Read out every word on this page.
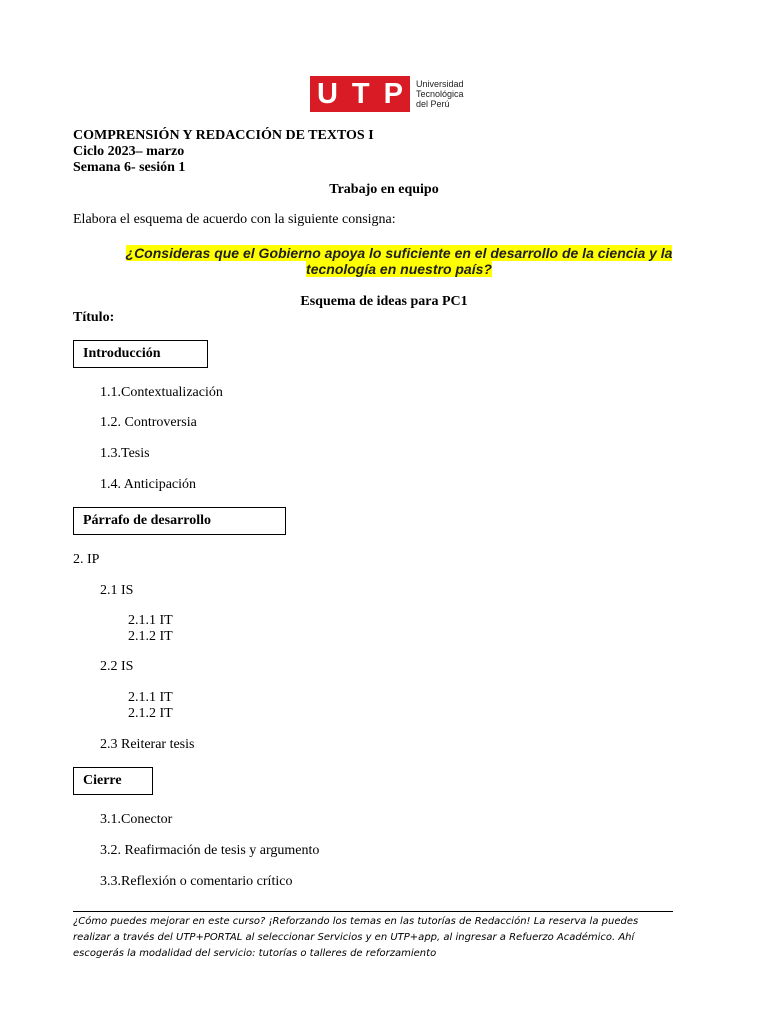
U T P Universidad
Tecnológica
del Perú
COMPRENSIÓN Y REDACCIÓN DE TEXTOS I
Ciclo 2023– marzo
Semana 6- sesión 1
Trabajo en equipo
Elabora el esquema de acuerdo con la siguiente consigna:
¿Consideras que el Gobierno apoya lo suficiente en el desarrollo de la ciencia y la
tecnología en nuestro país?
Esquema de ideas para PC1
Título:
Introducción
1.1.Contextualización
1.2. Controversia
1.3.Tesis
1.4. Anticipación
Párrafo de desarrollo
2. IP
2.1 IS
2.1.1 IT
2.1.2 IT
2.2 IS
2.1.1 IT
2.1.2 IT
2.3 Reiterar tesis
Cierre
3.1.Conector
3.2. Reafirmación de tesis y argumento
3.3.Reflexión o comentario crítico
¿Cómo puedes mejorar en este curso? ¡Reforzando los temas en las tutorías de Redacción! La reserva la puedes
realizar a través del UTP+PORTAL al seleccionar Servicios y en UTP+app, al ingresar a Refuerzo Académico. Ahí
escogerás la modalidad del servicio: tutorías o talleres de reforzamiento
